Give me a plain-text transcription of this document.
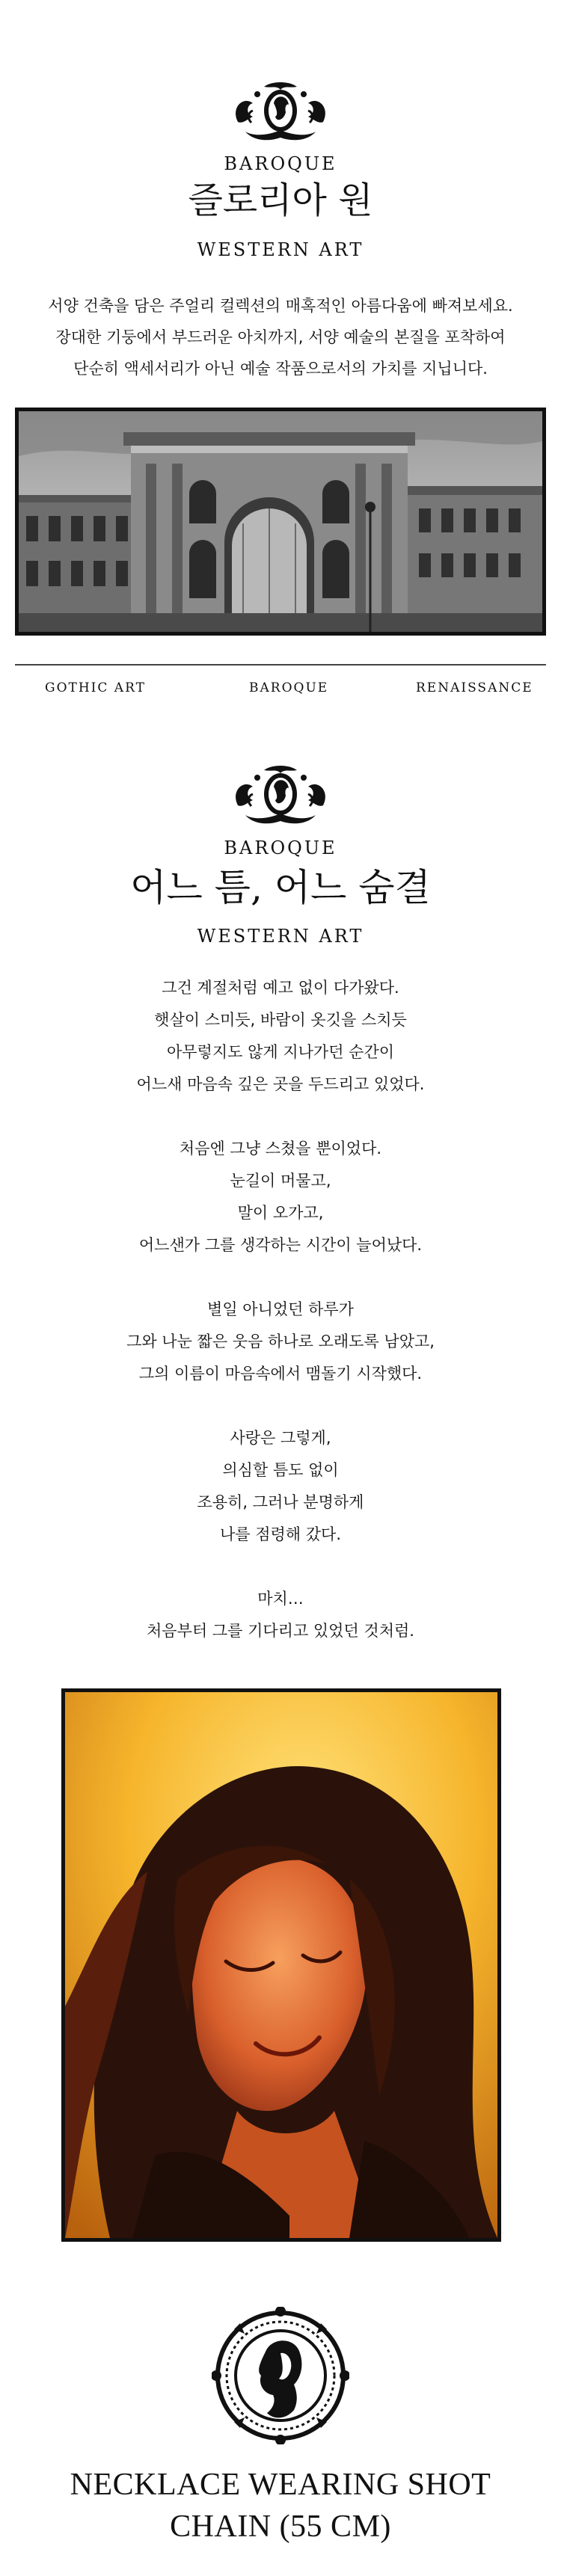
BAROQUE
즐로리아 원
WESTERN ART
서양 건축을 담은 주얼리 컬렉션의 매혹적인 아름다움에 빠져보세요.
장대한 기둥에서 부드러운 아치까지, 서양 예술의 본질을 포착하여
단순히 액세서리가 아닌 예술 작품으로서의 가치를 지닙니다.
GOTHIC ART	BAROQUE	RENAISSANCE
BAROQUE
어느 틈, 어느 숨결
WESTERN ART
그건 계절처럼 예고 없이 다가왔다.
햇살이 스미듯, 바람이 옷깃을 스치듯
아무렇지도 않게 지나가던 순간이
어느새 마음속 깊은 곳을 두드리고 있었다.
처음엔 그냥 스쳤을 뿐이었다.
눈길이 머물고,
말이 오가고,
어느샌가 그를 생각하는 시간이 늘어났다.
별일 아니었던 하루가
그와 나눈 짧은 웃음 하나로 오래도록 남았고,
그의 이름이 마음속에서 맴돌기 시작했다.
사랑은 그렇게,
의심할 틈도 없이
조용히, 그러나 분명하게
나를 점령해 갔다.
마치…
처음부터 그를 기다리고 있었던 것처럼.
NECKLACE WEARING SHOT
CHAIN (55 CM)
